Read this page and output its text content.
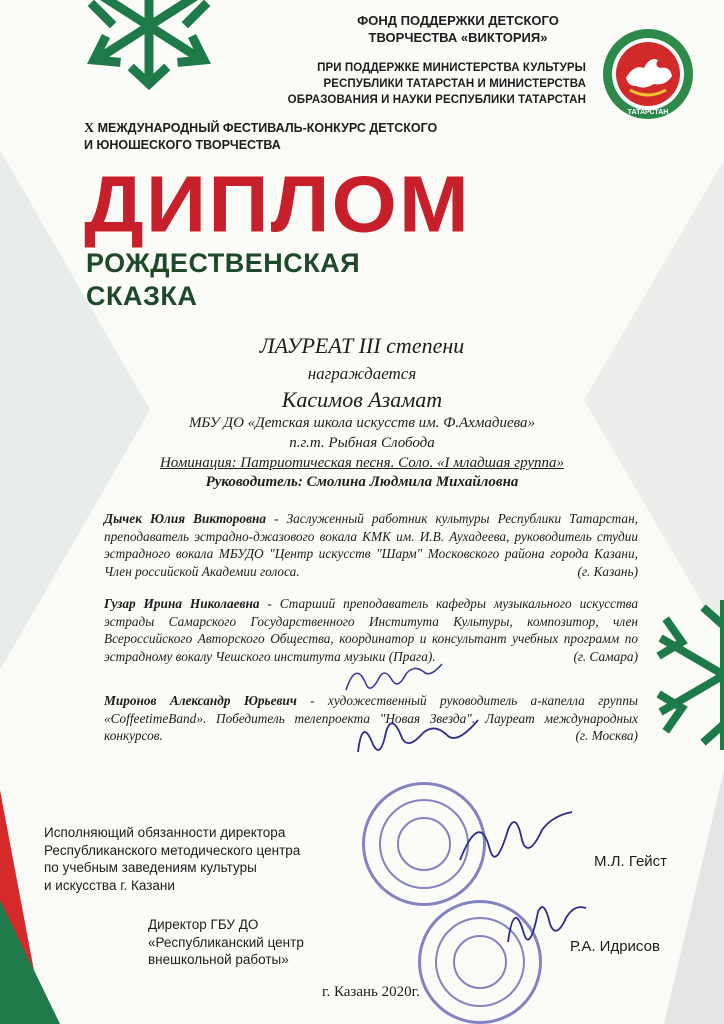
ФОНД ПОДДЕРЖКИ ДЕТСКОГО ТВОРЧЕСТВА «ВИКТОРИЯ»
ПРИ ПОДДЕРЖКЕ МИНИСТЕРСТВА КУЛЬТУРЫ РЕСПУБЛИКИ ТАТАРСТАН И МИНИСТЕРСТВА ОБРАЗОВАНИЯ И НАУКИ РЕСПУБЛИКИ ТАТАРСТАН
ТАТАРСТАН
X МЕЖДУНАРОДНЫЙ ФЕСТИВАЛЬ-КОНКУРС ДЕТСКОГО
И ЮНОШЕСКОГО ТВОРЧЕСТВА
ДИПЛОМ
РОЖДЕСТВЕНСКАЯ
СКАЗКА
ЛАУРЕАТ III степени
награждается
Касимов Азамат
МБУ ДО «Детская школа искусств им. Ф.Ахмадиева»
п.г.т. Рыбная Слобода
Номинация: Патриотическая песня. Соло. «I младшая группа»
Руководитель: Смолина Людмила Михайловна
Дычек Юлия Викторовна - Заслуженный работник культуры Республики Татарстан, преподаватель эстрадно-джазового вокала КМК им. И.В. Аухадеева, руководитель студии эстрадного вокала МБУДО "Центр искусств "Шарм" Московского района города Казани, Член российской Академии голоса.	(г. Казань)
Гузар Ирина Николаевна - Старший преподаватель кафедры музыкального искусства эстрады Самарского Государственного Института Культуры, композитор, член Всероссийского Авторского Общества, координатор и консультант учебных программ по эстрадному вокалу Чешского института музыки (Прага).	(г. Самара)
Миронов Александр Юрьевич - художественный руководитель а-капелла группы «CoffeetimeBand». Победитель телепроекта "Новая Звезда". Лауреат международных конкурсов.	(г. Москва)
Исполняющий обязанности директора
Республиканского методического центра
по учебным заведениям культуры
и искусства г. Казани
М.Л. Гейст
Директор ГБУ ДО
«Республиканский центр
внешкольной работы»
Р.А. Идрисов
г. Казань 2020г.
